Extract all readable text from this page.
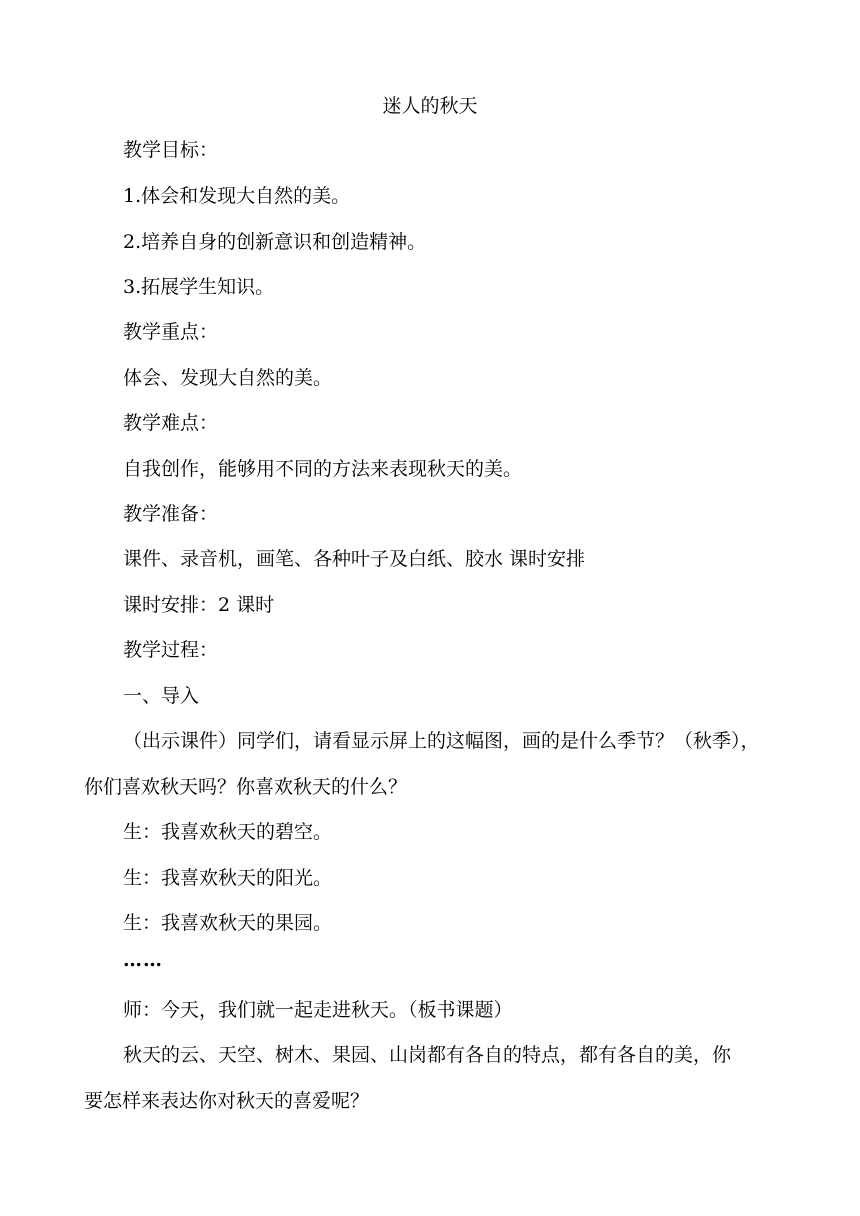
迷人的秋天
教学目标：
1.体会和发现大自然的美。
2.培养自身的创新意识和创造精神。
3.拓展学生知识。
教学重点：
体会、发现大自然的美。
教学难点：
自我创作，能够用不同的方法来表现秋天的美。
教学准备：
课件、录音机，画笔、各种叶子及白纸、胶水 课时安排
课时安排：2 课时
教学过程：
一、导入
（出示课件）同学们，请看显示屏上的这幅图，画的是什么季节？（秋季），
你们喜欢秋天吗？你喜欢秋天的什么？
生：我喜欢秋天的碧空。
生：我喜欢秋天的阳光。
生：我喜欢秋天的果园。
……
师：今天，我们就一起走进秋天。（板书课题）
秋天的云、天空、树木、果园、山岗都有各自的特点，都有各自的美，你
要怎样来表达你对秋天的喜爱呢？
